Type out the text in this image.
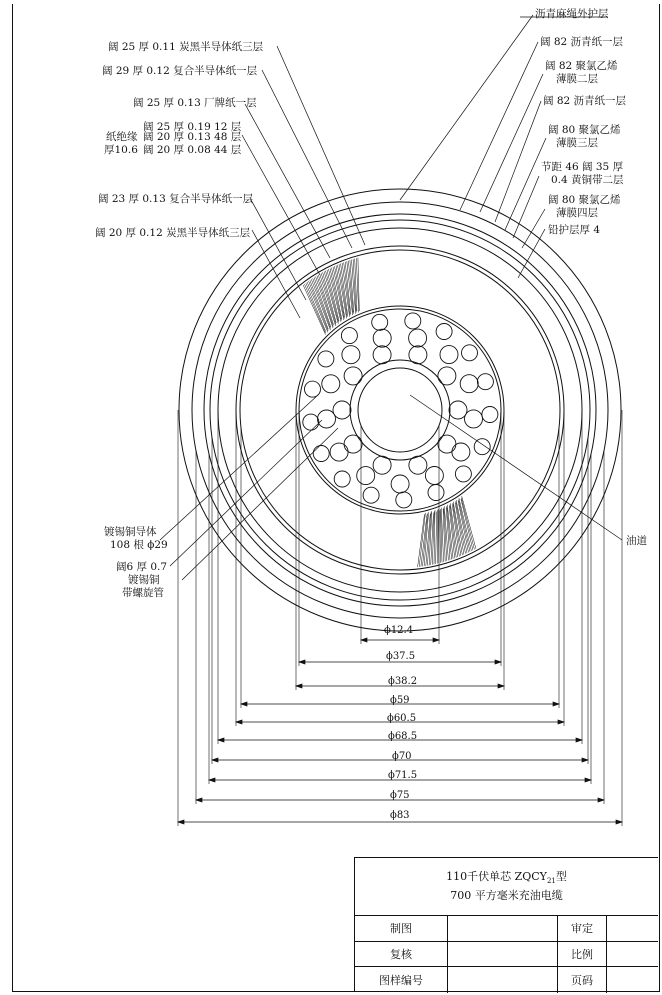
阔 25 厚 0.11 炭黑半导体纸三层
阔 29 厚 0.12 复合半导体纸一层
阔 25 厚 0.13 厂牌纸一层
阔 25 厚 0.19 12 层
纸绝缘 阔 20 厚 0.13 48 层
厚10.6 阔 20 厚 0.08 44 层
阔 23 厚 0.13 复合半导体纸一层
阔 20 厚 0.12 炭黑半导体纸三层
镀锡铜导体
108 根 ϕ29
阔6 厚 0.7
镀锡铜
带螺旋管
沥青麻绳外护层
阔 82 沥青纸一层
阔 82 聚氯乙烯
薄膜二层
阔 82 沥青纸一层
阔 80 聚氯乙烯
薄膜三层
节距 46 阔 35 厚
0.4 黄铜带二层
阔 80 聚氯乙烯
薄膜四层
铅护层厚 4
油道
ϕ12.4
ϕ37.5
ϕ38.2
ϕ59
ϕ60.5
ϕ68.5
ϕ70
ϕ71.5
ϕ75
ϕ83
110千伏单芯 $ZQCY_{21}$型
700 平方毫米充油电缆
制图	审定
复核	比例
图样编号	页码
